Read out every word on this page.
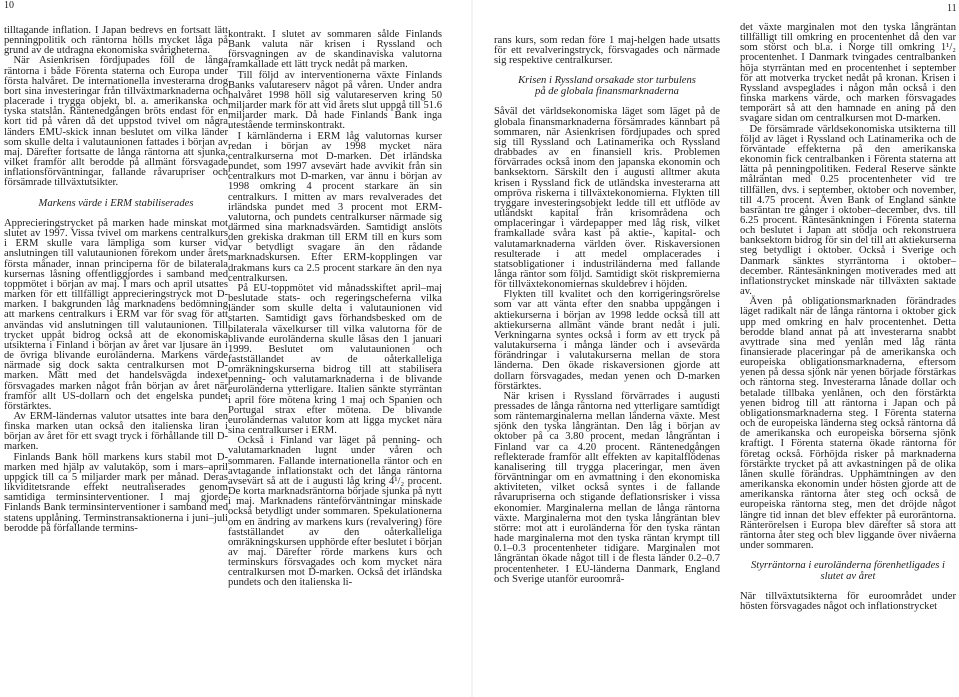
10	11

tilltagande inflation. I Japan bedrevs en fortsatt lätt penningpolitik och räntorna hölls mycket låga på grund av de utdragna ekonomiska svårigheterna.

När Asienkrisen fördjupades föll de långa räntorna i både Förenta staterna och Europa under första halvåret. De internationella investerarna drog bort sina investeringar från tillväxtmarknaderna och placerade i trygga objekt, bl. a. amerikanska och tyska statslån. Räntenedgången bröts endast för en kort tid på våren då det uppstod tvivel om några länders EMU-skick innan beslutet om vilka länder som skulle delta i valutaunionen fattades i början av maj. Därefter fortsatte de långa räntorna att sjunka, vilket framför allt berodde på allmänt försvagade inflationsförväntningar, fallande råvarupriser och försämrade tillväxtutsikter.

Markens värde i ERM stabiliserades

Apprecieringstrycket på marken hade minskat mot slutet av 1997. Vissa tvivel om markens centralkurs i ERM skulle vara lämpliga som kurser vid anslutningen till valutaunionen förekom under årets första månader, innan principerna för de bilaterala kursernas låsning offentliggjordes i samband med toppmötet i början av maj. I mars och april utsattes marken för ett tillfälligt apprecieringstryck mot D-marken. I bakgrunden låg marknadens bedömning att markens centralkurs i ERM var för svag för att användas vid anslutningen till valutaunionen. Till trycket uppåt bidrog också att de ekonomiska utsikterna i Finland i början av året var ljusare än i de övriga blivande euroländerna. Markens värde närmade sig dock sakta centralkursen mot D-marken. Mätt med det handelsvägda indexet försvagades marken något från början av året när framför allt US-dollarn och det engelska pundet förstärktes.

Av ERM-ländernas valutor utsattes inte bara den finska marken utan också den italienska liran i början av året för ett svagt tryck i förhållande till D-marken.

Finlands Bank höll markens kurs stabil mot D-marken med hjälp av valutaköp, som i mars–april uppgick till ca 5 miljarder mark per månad. Deras likviditetsrande effekt neutraliserades genom samtidiga terminsinterventioner. I maj gjorde Finlands Bank terminsinterventioner i samband med statens upplåning. Terminstransaktionerna i juni–juli berodde på förfallande termins-

kontrakt. I slutet av sommaren sålde Finlands Bank valuta när krisen i Ryssland och försvagningen av de skandinaviska valutorna framkallade ett lätt tryck nedåt på marken.

Till följd av interventionerna växte Finlands Banks valutareserv något på våren. Under andra halvåret 1998 höll sig valutareserven kring 50 miljarder mark för att vid årets slut uppgå till 51.6 miljarder mark. Då hade Finlands Bank inga utestående terminskontrakt.

I kärnländerna i ERM låg valutornas kurser redan i början av 1998 mycket nära centralkurserna mot D-marken. Det irländska pundet, som 1997 avsevärt hade avvikit från sin centralkurs mot D-marken, var ännu i början av 1998 omkring 4 procent starkare än sin centralkurs. I mitten av mars revalverades det irländska pundet med 3 procent mot ERM-valutorna, och pundets centralkurser närmade sig därmed sina marknadsvärden. Samtidigt anslöts den grekiska drakman till ERM till en kurs som var betydligt svagare än den rådande marknadskursen. Efter ERM-kopplingen var drakmans kurs ca 2.5 procent starkare än den nya centralkursen.

På EU-toppmötet vid månadsskiftet april–maj beslutade stats- och regeringscheferna vilka länder som skulle delta i valutaunionen vid starten. Samtidigt gavs förhandsbesked om de bilaterala växelkurser till vilka valutorna för de blivande euroländerna skulle låsas den 1 januari 1999. Beslutet om valutaunionen och fastställandet av de oåterkalleliga omräkningskurserna bidrog till att stabilisera penning- och valutamarknaderna i de blivande euroländerna ytterligare. Italien sänkte styrräntan i april före mötena kring 1 maj och Spanien och Portugal strax efter mötena. De blivande euroländernas valutor kom att ligga mycket nära sina centralkurser i ERM.

Också i Finland var läget på penning- och valutamarknaden lugnt under våren och sommaren. Fallande internationella räntor och en avtagande inflationstakt och det långa räntorna avsevärt så att de i augusti låg kring 4¹/₂ procent. De korta marknadsräntorna började sjunka på nytt i maj. Marknadens ränteförväntningar minskade också betydligt under sommaren. Spekulationerna om en ändring av markens kurs (revalvering) före fastställandet av den oåterkalleliga omräkningskursen upphörde efter beslutet i början av maj. Därefter rörde markens kurs och terminskurs försvagades och kom mycket nära centralkursen mot D-marken. Också det irländska pundets och den italienska li-

rans kurs, som redan före 1 maj-helgen hade utsatts för ett revalveringstryck, försvagades och närmade sig respektive centralkurser.

Krisen i Ryssland orsakade stor turbulens
på de globala finansmarknaderna

Såväl det världsekonomiska läget som läget på de globala finansmarknaderna försämrades kännbart på sommaren, när Asienkrisen fördjupades och spred sig till Ryssland och Latinamerika och Ryssland drabbades av en finansiell kris. Problemen förvärrades också inom den japanska ekonomin och banksektorn. Särskilt den i augusti alltmer akuta krisen i Ryssland fick de utländska investerarna att ompröva riskerna i tillväxtekonomierna. Flykten till tryggare investeringsobjekt ledde till ett utflöde av utländskt kapital från krisområdena och omplaceringar i värdepapper med låg risk, vilket framkallade svåra kast på aktie-, kapital- och valutamarknaderna världen över. Riskaversionen resulterade i att medel omplacerades i statsobligationer i industriländerna med fallande långa räntor som följd. Samtidigt sköt riskpremierna för tillväxtekonomiernas skuldebrev i höjden.

Flykten till kvalitet och den korrigeringsrörelse som var att vänta efter den snabba uppgången i aktiekurserna i början av 1998 ledde också till att aktiekurserna allmänt vände brant nedåt i juli. Verkningarna syntes också i form av ett tryck på valutakurserna i många länder och i avsevärda förändringar i valutakurserna mellan de stora länderna. Den ökade riskaversionen gjorde att dollarn försvagades, medan yenen och D-marken förstärktes.

När krisen i Ryssland förvärrades i augusti pressades de långa räntorna ned ytterligare samtidigt som räntemarginalerna mellan länderna växte. Mest sjönk den tyska långräntan. Den låg i början av oktober på ca 3.80 procent, medan långräntan i Finland var ca 4.20 procent. Räntenedgången reflekterade framför allt effekten av kapitalflödenas kanalisering till trygga placeringar, men även förväntningar om en avmattning i den ekonomiska aktiviteten, vilket också syntes i de fallande råvarupriserna och stigande deflationsrisker i vissa ekonomier. Marginalerna mellan de långa räntorna växte. Marginalerna mot den tyska långräntan blev större: mot att i euroländerna för den tyska räntan hade marginalerna mot den tyska räntan krympt till 0.1–0.3 procentenheter tidigare. Marginalen mot långräntan ökade något till i de flesta länder 0.2–0.7 procentenheter. I EU-länderna Danmark, England och Sverige utanför euroområ-

det växte marginalen mot den tyska långräntan tillfälligt till omkring en procentenhet då den var som störst och bl.a. i Norge till omkring 1¹/₂ procentenhet. I Danmark tvingades centralbanken höja styrräntan med en procentenhet i september för att motverka trycket nedåt på kronan. Krisen i Ryssland avspeglades i någon mån också i den finska markens värde, och marken försvagades temporärt så att den hamnade en aning på den svagare sidan om centralkursen mot D-marken.

De försämrade världsekonomiska utsikterna till följd av läget i Ryssland och Latinamerika och de förväntade effekterna på den amerikanska ekonomin fick centralbanken i Förenta staterna att lätta på penningpolitiken. Federal Reserve sänkte målräntan med 0.25 procentenheter vid tre tillfällen, dvs. i september, oktober och november, till 4.75 procent. Även Bank of England sänkte basräntan tre gånger i oktober–december, dvs. till 6.25 procent. Räntesänkningen i Förenta staterna och beslutet i Japan att stödja och rekonstruera banksektorn bidrog för sin del till att aktiekurserna steg betydligt i oktober. Också i Sverige och Danmark sänktes styrräntorna i oktober–december. Räntesänkningen motiverades med att inflationstrycket minskade när tillväxten saktade av.

Även på obligationsmarknaden förändrades läget radikalt när de långa räntorna i oktober gick upp med omkring en halv procentenhet. Detta berodde bland annat på att investerarna snabbt avyttrade sina med yenlån med låg ränta finansierade placeringar på de amerikanska och europeiska obligationsmarknaderna, eftersom yenen på dessa sjönk när yenen började förstärkas och räntorna steg. Investerarna lånade dollar och betalade tillbaka yenlånen, och den förstärkta yenen bidrog till att räntorna i Japan och på obligationsmarknaderna steg. I Förenta staterna och de europeiska länderna steg också räntorna då de amerikanska och europeiska börserna sjönk kraftigt. I Förenta staterna ökade räntorna för företag också. Förhöjda risker på marknaderna förstärkte trycket på att avkastningen på de olika lånen skulle förändras. Upphämtningen av den amerikanska ekonomin under hösten gjorde att de amerikanska räntorna åter steg och också de europeiska räntorna steg, men det dröjde något längre tid innan det blev effekter på euroräntorna. Ränterörelsen i Europa blev därefter så stora att räntorna åter steg och blev liggande över nivåerna under sommaren.

Styrräntorna i euroländerna förenhetligades i
slutet av året

När tillväxtutsikterna för euroområdet under hösten försvagades något och inflationstrycket
